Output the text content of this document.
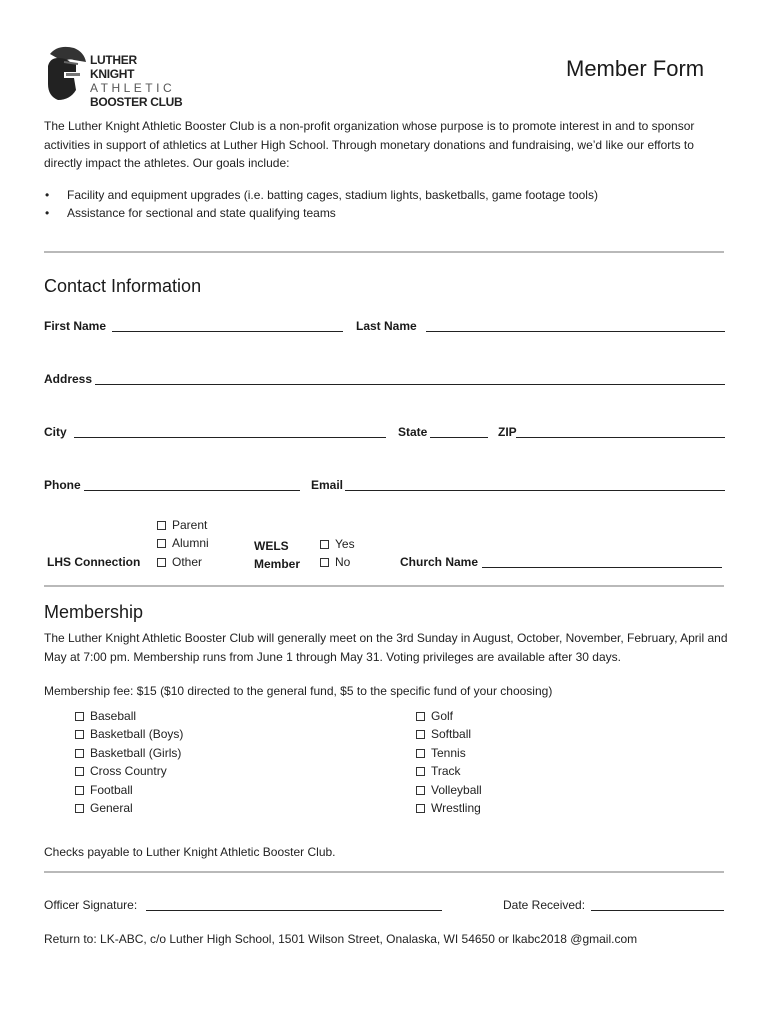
LUTHER KNIGHT
ATHLETIC
BOOSTER CLUB
Member Form
The Luther Knight Athletic Booster Club is a non-profit organization whose purpose is to promote interest in and to sponsor activities in support of athletics at Luther High School. Through monetary donations and fundraising, we’d like our efforts to directly impact the athletes. Our goals include:
• Facility and equipment upgrades (i.e. batting cages, stadium lights, basketballs, game footage tools)
• Assistance for sectional and state qualifying teams
Contact Information
First Name	Last Name
Address
City	State	ZIP
Phone	Email
Parent
Alumni
Other
LHS Connection
WELS
Member
Yes
No	Church Name
Membership
The Luther Knight Athletic Booster Club will generally meet on the 3rd Sunday in August, October, November, February, April and May at 7:00 pm. Membership runs from June 1 through May 31. Voting privileges are available after 30 days.
Membership fee: $15 ($10 directed to the general fund, $5 to the specific fund of your choosing)
Baseball
Basketball (Boys)
Basketball (Girls)
Cross Country
Football
General
Golf
Softball
Tennis
Track
Volleyball
Wrestling
Checks payable to Luther Knight Athletic Booster Club.
Officer Signature:	Date Received:
Return to: LK-ABC, c/o Luther High School, 1501 Wilson Street, Onalaska, WI 54650 or lkabc2018 @gmail.com
